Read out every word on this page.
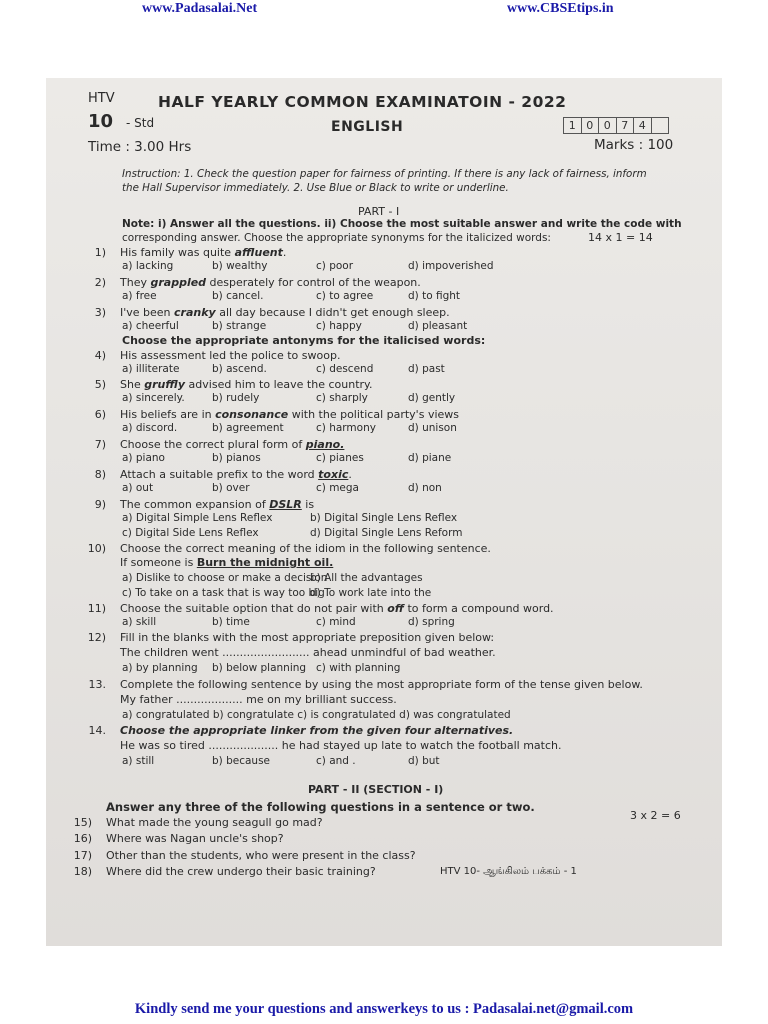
www.Padasalai.Net	www.CBSEtips.in
HTV	HALF YEARLY COMMON EXAMINATOIN - 2022
10 - Std	ENGLISH	1 0 0 7 4
Time : 3.00 Hrs	Marks : 100
Instruction: 1. Check the question paper for fairness of printing. If there is any lack of fairness, inform
the Hall Supervisor immediately. 2. Use Blue or Black to write or underline.
PART - I
Note: i) Answer all the questions. ii) Choose the most suitable answer and write the code with
corresponding answer. Choose the appropriate synonyms for the italicized words:	14 x 1 = 14
1) His family was quite affluent.
a) lacking	b) wealthy	c) poor	d) impoverished
2) They grappled desperately for control of the weapon.
a) free	b) cancel.	c) to agree	d) to fight
3) I've been cranky all day because I didn't get enough sleep.
a) cheerful	b) strange	c) happy	d) pleasant
4) His assessment led the police to swoop.
a) illiterate	b) ascend.	c) descend	d) past
5) She gruffly advised him to leave the country.
a) sincerely.	b) rudely	c) sharply	d) gently
6) His beliefs are in consonance with the political party's views
a) discord.	b) agreement	c) harmony	d) unison
7) Choose the correct plural form of piano.
a) piano	b) pianos	c) pianes	d) piane
8) Attach a suitable prefix to the word toxic.
a) out	b) over	c) mega	d) non
9) The common expansion of DSLR is
a) Digital Simple Lens Reflex	b) Digital Single Lens Reflex
c) Digital Side Lens Reflex	d) Digital Single Lens Reform
10) Choose the correct meaning of the idiom in the following sentence.
If someone is Burn the midnight oil.
a) Dislike to choose or make a decision
b) All the advantages
c) To take on a task that is way too big
d) To work late into the
11) Choose the suitable option that do not pair with off to form a compound word.
a) skill	b) time	c) mind	d) spring
12) Fill in the blanks with the most appropriate preposition given below:
The children went ......................... ahead unmindful of bad weather.
a) by planning b) below planning c) with planning
13. Complete the following sentence by using the most appropriate form of the tense given below.
My father ................... me on my brilliant success.
a) congratulated b) congratulate c) is congratulated d) was congratulated
14. Choose the appropriate linker from the given four alternatives.
He was so tired .................... he had stayed up late to watch the football match.
a) still	b) because	c) and .	d) but
Choose the appropriate antonyms for the italicised words:
PART - II (SECTION - I)
Answer any three of the following questions in a sentence or two.
3 x 2 = 6
15) What made the young seagull go mad?
16) Where was Nagan uncle's shop?
17) Other than the students, who were present in the class?
18) Where did the crew undergo their basic training?	HTV 10- ஆங்கிலம் பக்கம் - 1
Kindly send me your questions and answerkeys to us : Padasalai.net@gmail.com
